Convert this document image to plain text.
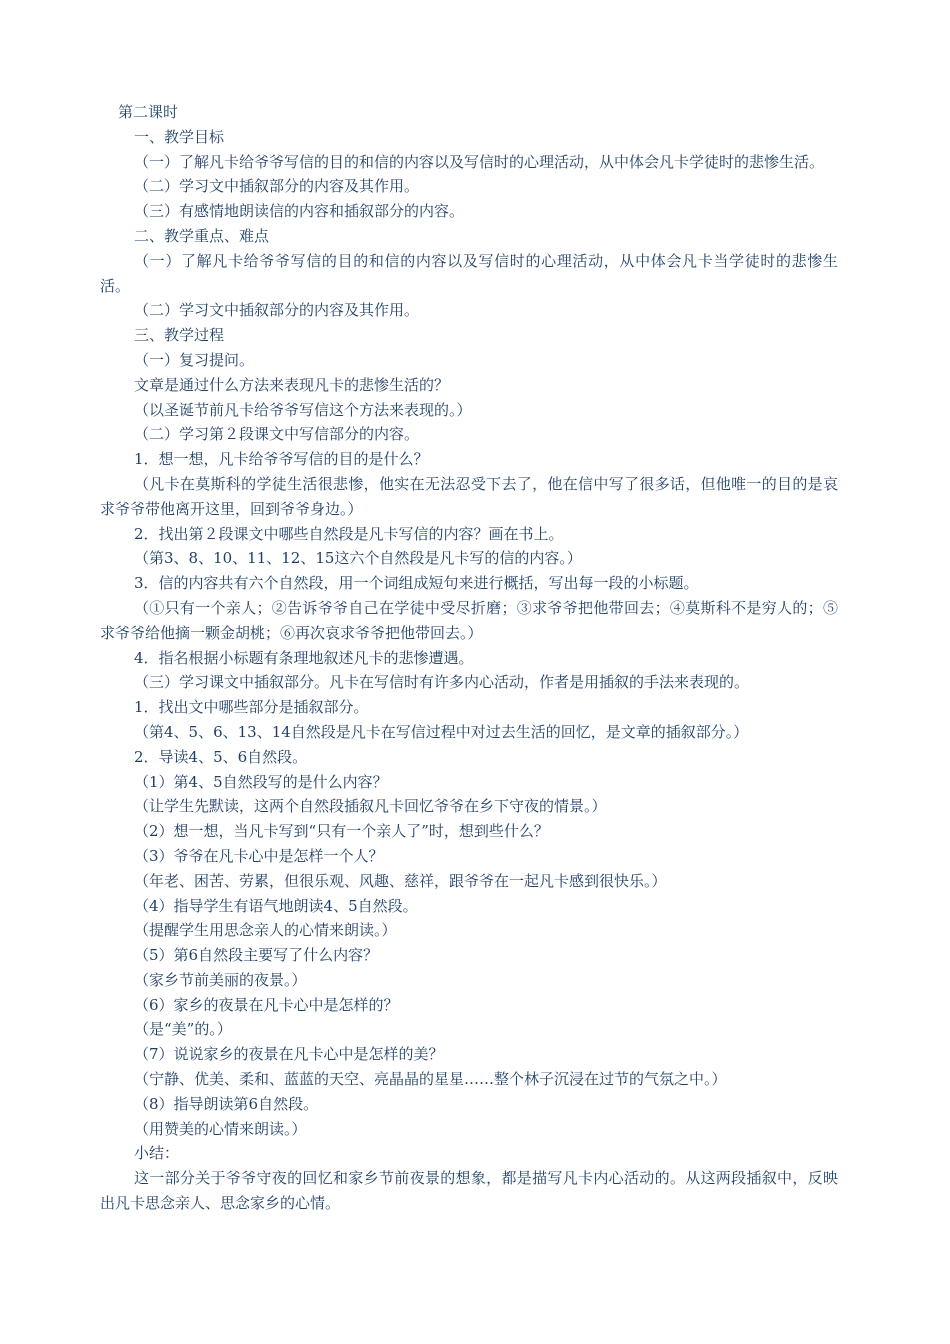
第二课时

一、教学目标

（一）了解凡卡给爷爷写信的目的和信的内容以及写信时的心理活动，从中体会凡卡学徒时的悲惨生活。

（二）学习文中插叙部分的内容及其作用。

（三）有感情地朗读信的内容和插叙部分的内容。

二、教学重点、难点

（一）了解凡卡给爷爷写信的目的和信的内容以及写信时的心理活动，从中体会凡卡当学徒时的悲惨生活。

（二）学习文中插叙部分的内容及其作用。

三、教学过程

（一）复习提问。

文章是通过什么方法来表现凡卡的悲惨生活的？

（以圣诞节前凡卡给爷爷写信这个方法来表现的。）

（二）学习第２段课文中写信部分的内容。

1．想一想，凡卡给爷爷写信的目的是什么？

（凡卡在莫斯科的学徒生活很悲惨，他实在无法忍受下去了，他在信中写了很多话，但他唯一的目的是哀求爷爷带他离开这里，回到爷爷身边。）

2．找出第２段课文中哪些自然段是凡卡写信的内容？画在书上。

（第3、8、10、11、12、15这六个自然段是凡卡写的信的内容。）

3．信的内容共有六个自然段，用一个词组成短句来进行概括，写出每一段的小标题。

（①只有一个亲人；②告诉爷爷自己在学徒中受尽折磨；③求爷爷把他带回去；④莫斯科不是穷人的；⑤求爷爷给他摘一颗金胡桃；⑥再次哀求爷爷把他带回去。）

4．指名根据小标题有条理地叙述凡卡的悲惨遭遇。

（三）学习课文中插叙部分。凡卡在写信时有许多内心活动，作者是用插叙的手法来表现的。

1．找出文中哪些部分是插叙部分。

（第4、5、6、13、14自然段是凡卡在写信过程中对过去生活的回忆，是文章的插叙部分。）

2．导读4、5、6自然段。

（1）第4、5自然段写的是什么内容？

（让学生先默读，这两个自然段插叙凡卡回忆爷爷在乡下守夜的情景。）

（2）想一想，当凡卡写到“只有一个亲人了”时，想到些什么？

（3）爷爷在凡卡心中是怎样一个人？

（年老、困苦、劳累，但很乐观、风趣、慈祥，跟爷爷在一起凡卡感到很快乐。）

（4）指导学生有语气地朗读4、5自然段。

（提醒学生用思念亲人的心情来朗读。）

（5）第6自然段主要写了什么内容？

（家乡节前美丽的夜景。）

（6）家乡的夜景在凡卡心中是怎样的？

（是“美”的。）

（7）说说家乡的夜景在凡卡心中是怎样的美？

（宁静、优美、柔和、蓝蓝的天空、亮晶晶的星星……整个林子沉浸在过节的气氛之中。）

（8）指导朗读第6自然段。

（用赞美的心情来朗读。）

小结：

这一部分关于爷爷守夜的回忆和家乡节前夜景的想象，都是描写凡卡内心活动的。从这两段插叙中，反映出凡卡思念亲人、思念家乡的心情。
